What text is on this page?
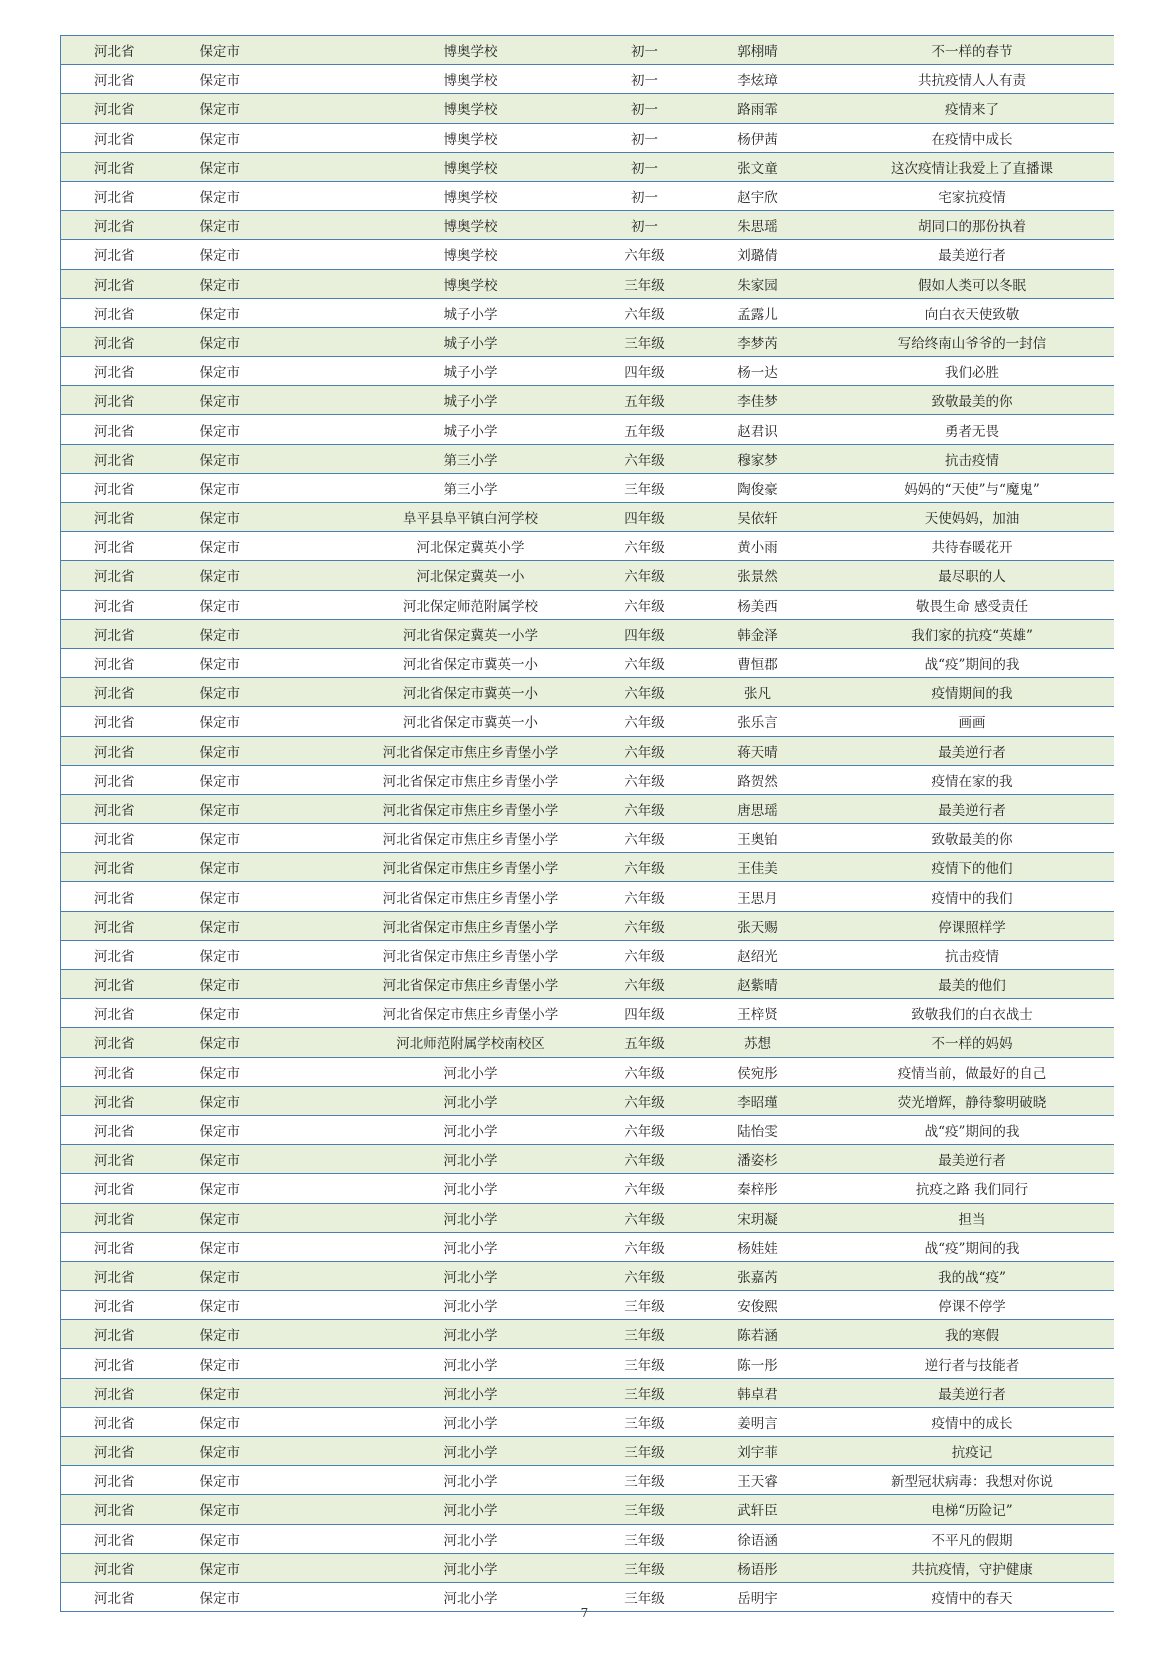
河北省	保定市	博奥学校	初一	郭栩晴	不一样的春节
河北省	保定市	博奥学校	初一	李炫璋	共抗疫情人人有责
河北省	保定市	博奥学校	初一	路雨霏	疫情来了
河北省	保定市	博奥学校	初一	杨伊茜	在疫情中成长
河北省	保定市	博奥学校	初一	张文童	这次疫情让我爱上了直播课
河北省	保定市	博奥学校	初一	赵宇欣	宅家抗疫情
河北省	保定市	博奥学校	初一	朱思瑶	胡同口的那份执着
河北省	保定市	博奥学校	六年级	刘璐倩	最美逆行者
河北省	保定市	博奥学校	三年级	朱家园	假如人类可以冬眠
河北省	保定市	城子小学	六年级	孟露儿	向白衣天使致敬
河北省	保定市	城子小学	三年级	李梦芮	写给终南山爷爷的一封信
河北省	保定市	城子小学	四年级	杨一达	我们必胜
河北省	保定市	城子小学	五年级	李佳梦	致敬最美的你
河北省	保定市	城子小学	五年级	赵君识	勇者无畏
河北省	保定市	第三小学	六年级	穆家梦	抗击疫情
河北省	保定市	第三小学	三年级	陶俊豪	妈妈的“天使”与“魔鬼”
河北省	保定市	阜平县阜平镇白河学校	四年级	吴依轩	天使妈妈，加油
河北省	保定市	河北保定冀英小学	六年级	黄小雨	共待春暖花开
河北省	保定市	河北保定冀英一小	六年级	张景然	最尽职的人
河北省	保定市	河北保定师范附属学校	六年级	杨美西	敬畏生命 感受责任
河北省	保定市	河北省保定冀英一小学	四年级	韩金泽	我们家的抗疫“英雄”
河北省	保定市	河北省保定市冀英一小	六年级	曹恒郡	战“疫”期间的我
河北省	保定市	河北省保定市冀英一小	六年级	张凡	疫情期间的我
河北省	保定市	河北省保定市冀英一小	六年级	张乐言	画画
河北省	保定市	河北省保定市焦庄乡青堡小学	六年级	蒋天晴	最美逆行者
河北省	保定市	河北省保定市焦庄乡青堡小学	六年级	路贺然	疫情在家的我
河北省	保定市	河北省保定市焦庄乡青堡小学	六年级	唐思瑶	最美逆行者
河北省	保定市	河北省保定市焦庄乡青堡小学	六年级	王奥铂	致敬最美的你
河北省	保定市	河北省保定市焦庄乡青堡小学	六年级	王佳美	疫情下的他们
河北省	保定市	河北省保定市焦庄乡青堡小学	六年级	王思月	疫情中的我们
河北省	保定市	河北省保定市焦庄乡青堡小学	六年级	张天赐	停课照样学
河北省	保定市	河北省保定市焦庄乡青堡小学	六年级	赵绍光	抗击疫情
河北省	保定市	河北省保定市焦庄乡青堡小学	六年级	赵紫晴	最美的他们
河北省	保定市	河北省保定市焦庄乡青堡小学	四年级	王梓贤	致敬我们的白衣战士
河北省	保定市	河北师范附属学校南校区	五年级	苏想	不一样的妈妈
河北省	保定市	河北小学	六年级	侯宛彤	疫情当前，做最好的自己
河北省	保定市	河北小学	六年级	李昭瑾	荧光增辉，静待黎明破晓
河北省	保定市	河北小学	六年级	陆怡雯	战“疫”期间的我
河北省	保定市	河北小学	六年级	潘姿杉	最美逆行者
河北省	保定市	河北小学	六年级	秦梓彤	抗疫之路 我们同行
河北省	保定市	河北小学	六年级	宋玥凝	担当
河北省	保定市	河北小学	六年级	杨娃娃	战“疫”期间的我
河北省	保定市	河北小学	六年级	张嘉芮	我的战“疫”
河北省	保定市	河北小学	三年级	安俊熙	停课不停学
河北省	保定市	河北小学	三年级	陈若涵	我的寒假
河北省	保定市	河北小学	三年级	陈一彤	逆行者与技能者
河北省	保定市	河北小学	三年级	韩卓君	最美逆行者
河北省	保定市	河北小学	三年级	姜明言	疫情中的成长
河北省	保定市	河北小学	三年级	刘宇菲	抗疫记
河北省	保定市	河北小学	三年级	王天睿	新型冠状病毒：我想对你说
河北省	保定市	河北小学	三年级	武轩臣	电梯“历险记”
河北省	保定市	河北小学	三年级	徐语涵	不平凡的假期
河北省	保定市	河北小学	三年级	杨语彤	共抗疫情，守护健康
河北省	保定市	河北小学	三年级	岳明宇	疫情中的春天
7
